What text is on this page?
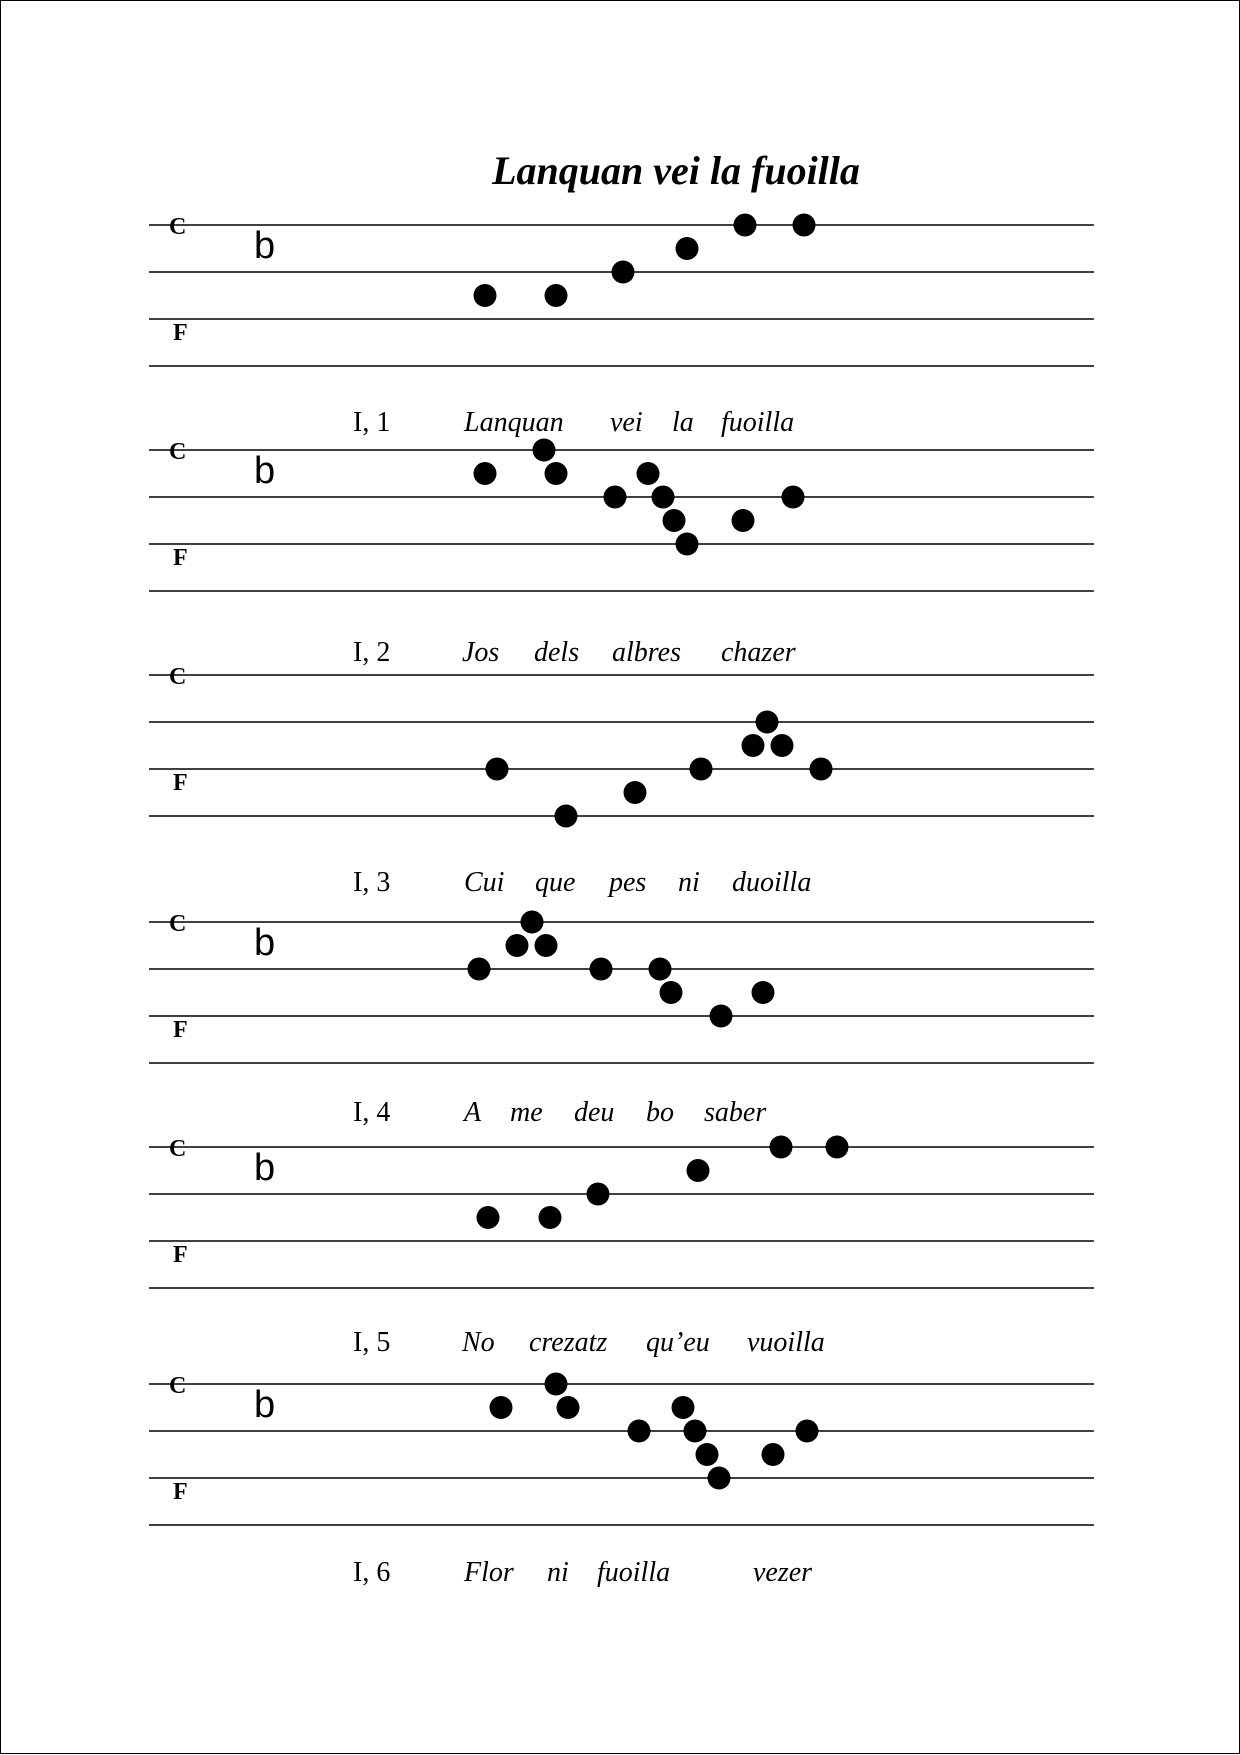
Lanquan vei la fuoilla
C
F
b
C
F
b
C
F
C
F
b
C
F
b
C
F
b
I, 1
I, 2
I, 3
I, 4
I, 5
I, 6
Lanquan vei la fuoilla
Jos dels albres chazer
Cui que pes ni duoilla
A me deu bo saber
No crezatz qu’eu vuoilla
Flor ni fuoilla	vezer
